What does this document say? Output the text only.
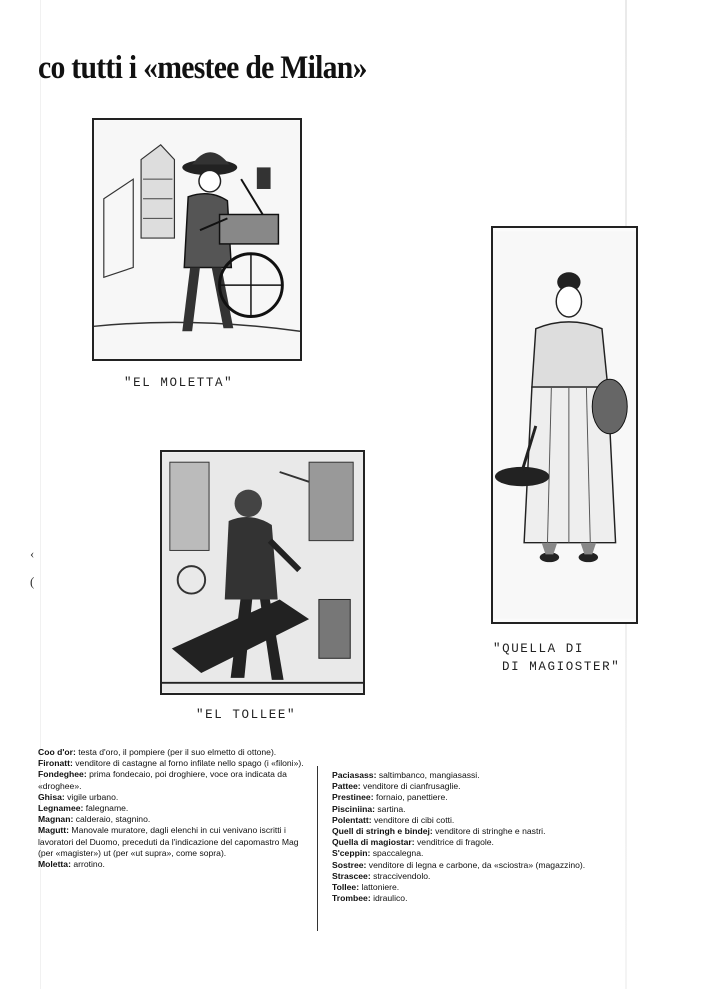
co tutti i «mestee de Milan»
"EL MOLETTA"
"EL TOLLEE"
"QUELLA DI
DI MAGIOSTER"
‹
(

Coo d'or: testa d'oro, il pompiere (per il suo elmetto di ottone).

Fironatt: venditore di castagne al forno infilate nello spago (i «filoni»).

Fondeghee: prima fondecaio, poi droghiere, voce ora indicata da «droghee».

Ghisa: vigile urbano.

Legnamee: falegname.

Magnan: calderaio, stagnino.

Magutt: Manovale muratore, dagli elenchi in cui venivano iscritti i lavoratori del Duomo, preceduti da l'indicazione del capomastro Mag (per «magister») ut (per «ut supra», come sopra).

Moletta: arrotino.

Paciasass: saltimbanco, mangiasassi.

Pattee: venditore di cianfrusaglie.

Prestinee: fornaio, panettiere.

Pisciniina: sartina.

Polentatt: venditore di cibi cotti.

Quell di stringh e bindej: venditore di stringhe e nastri.

Quella di magiostar: venditrice di fragole.

S'ceppin: spaccalegna.

Sostree: venditore di legna e carbone, da «sciostra» (magazzino).

Strascee: straccivendolo.

Tollee: lattoniere.

Trombee: idraulico.
